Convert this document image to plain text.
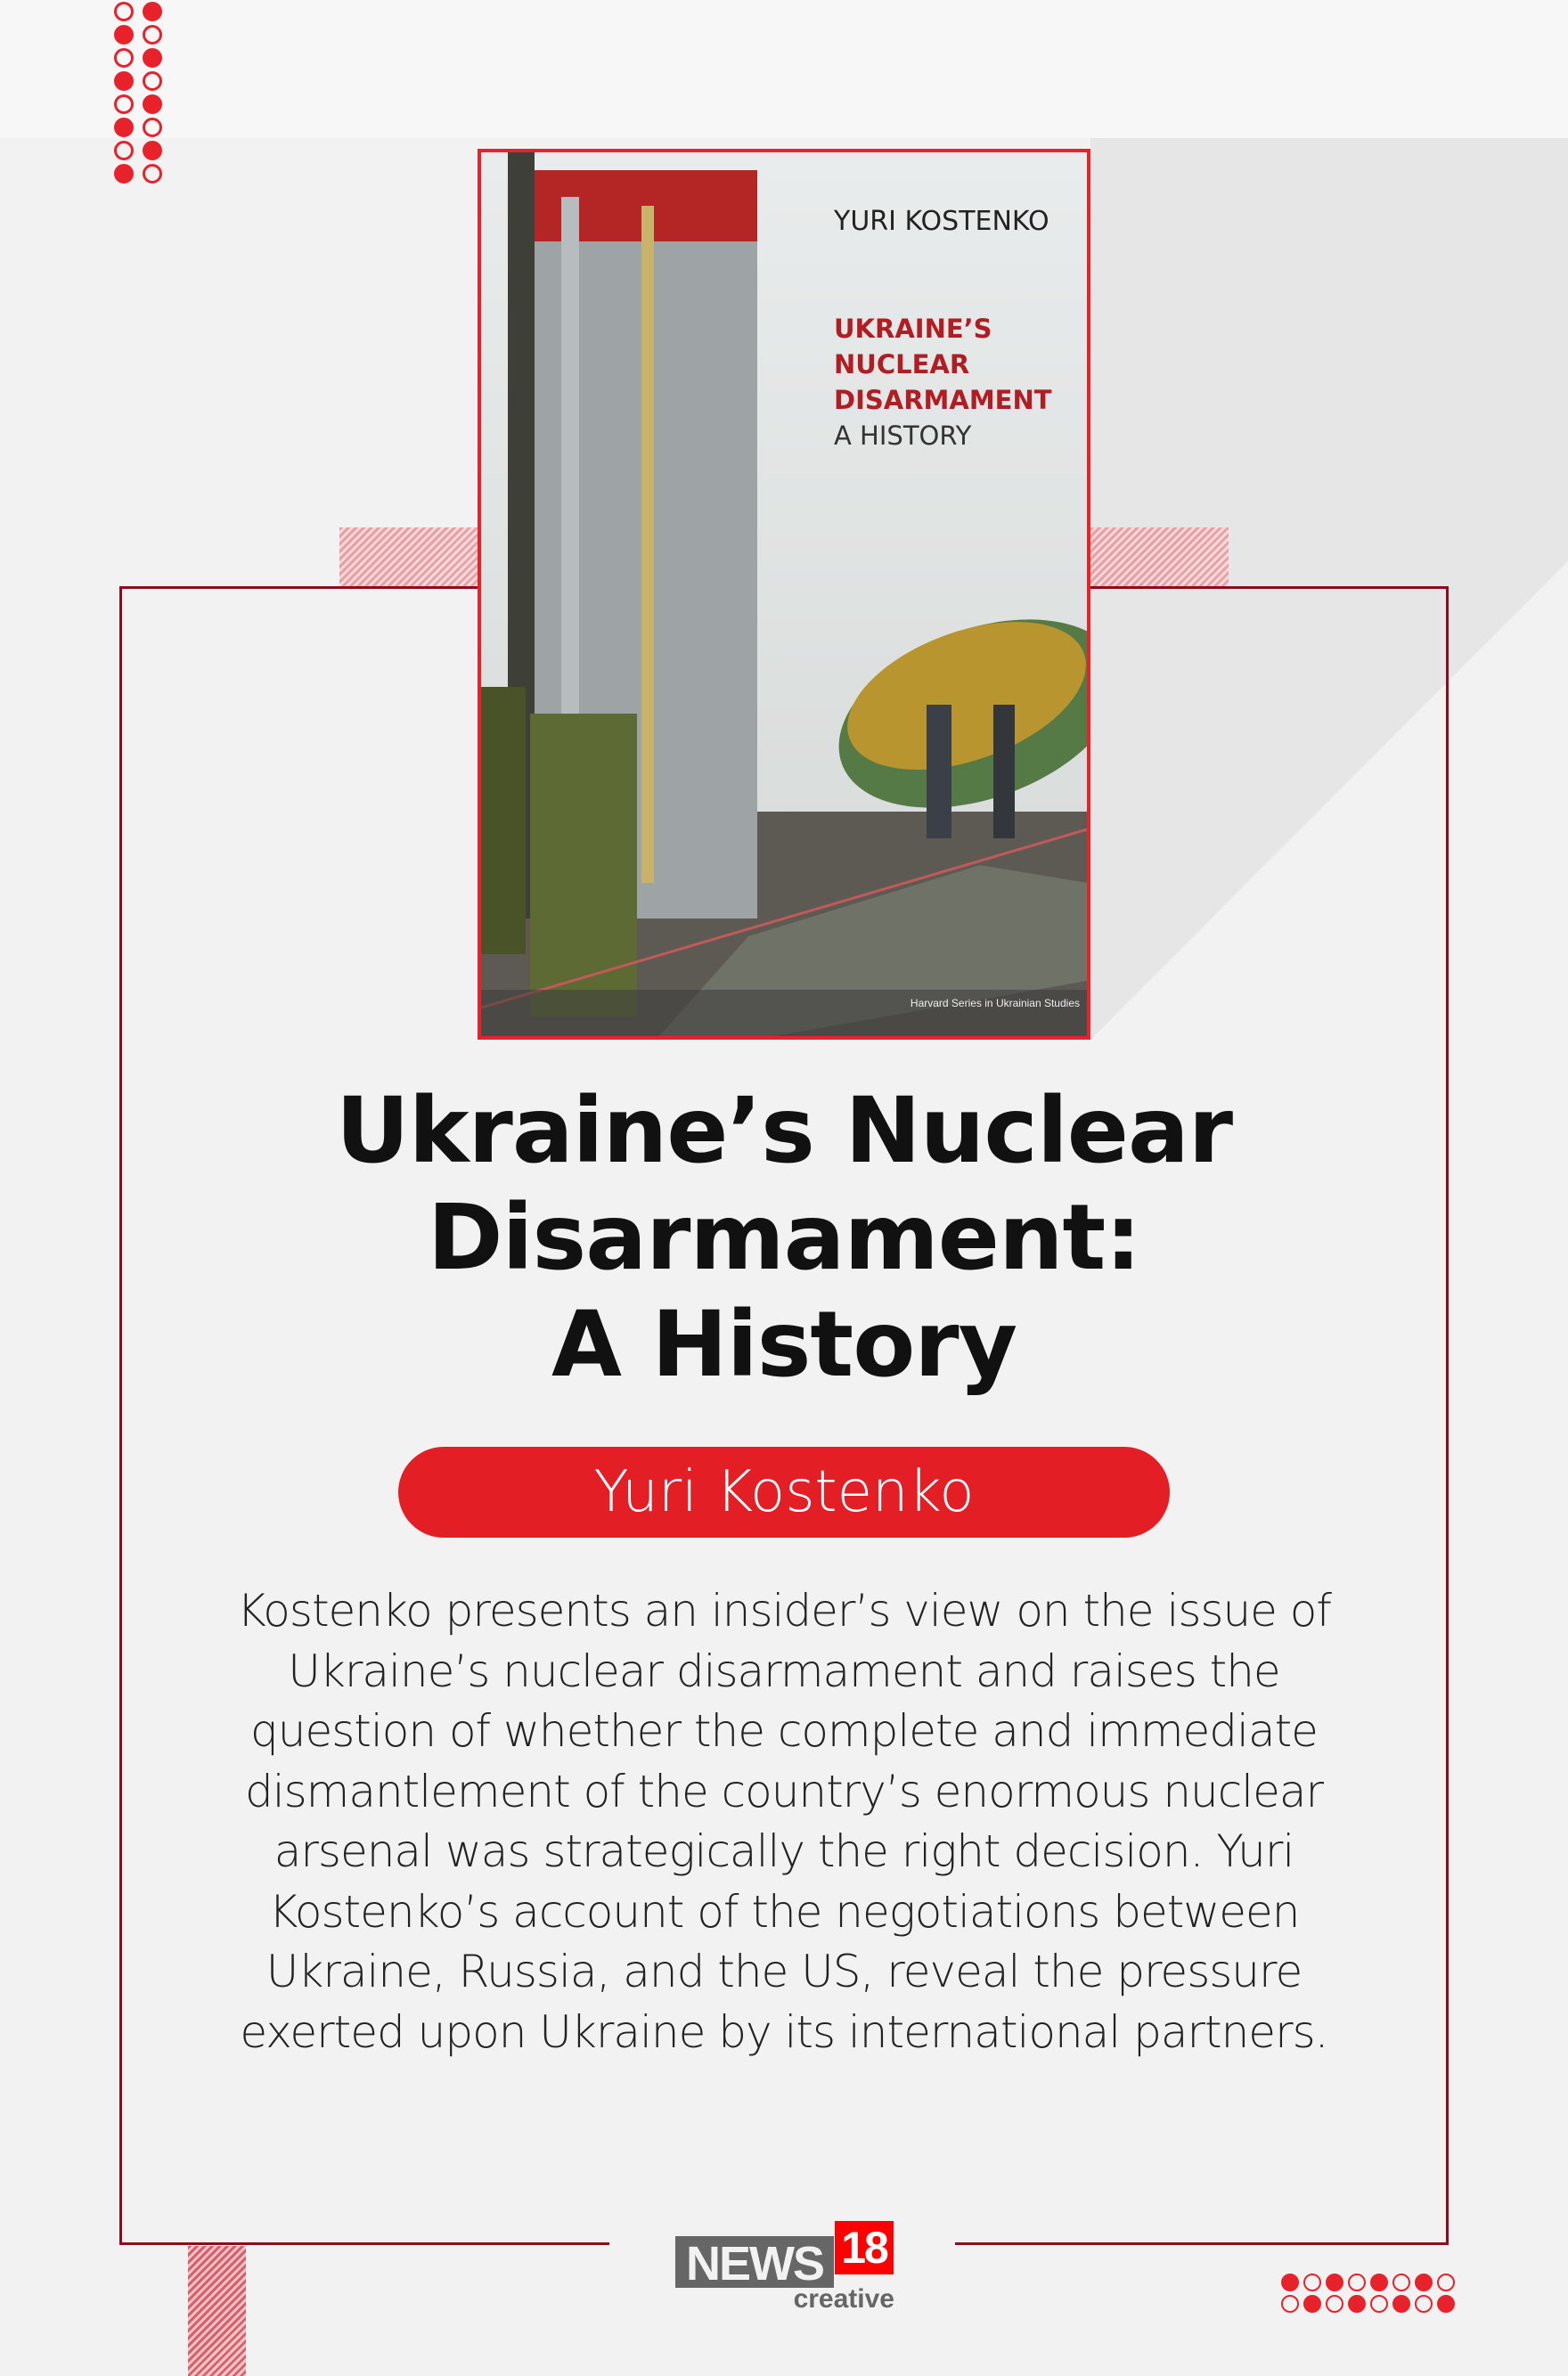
YURI KOSTENKO
UKRAINE’S
NUCLEAR
DISARMAMENT
A HISTORY
Harvard Series in Ukrainian Studies
Ukraine’s Nuclear
Disarmament:
A History
Yuri Kostenko
Kostenko presents an insider’s view on the issue of Ukraine’s nuclear disarmament and raises the question of whether the complete and immediate dismantlement of the country’s enormous nuclear arsenal was strategically the right decision. Yuri Kostenko’s account of the negotiations between Ukraine, Russia, and the US, reveal the pressure exerted upon Ukraine by its international partners.
NEWS 18
creative
